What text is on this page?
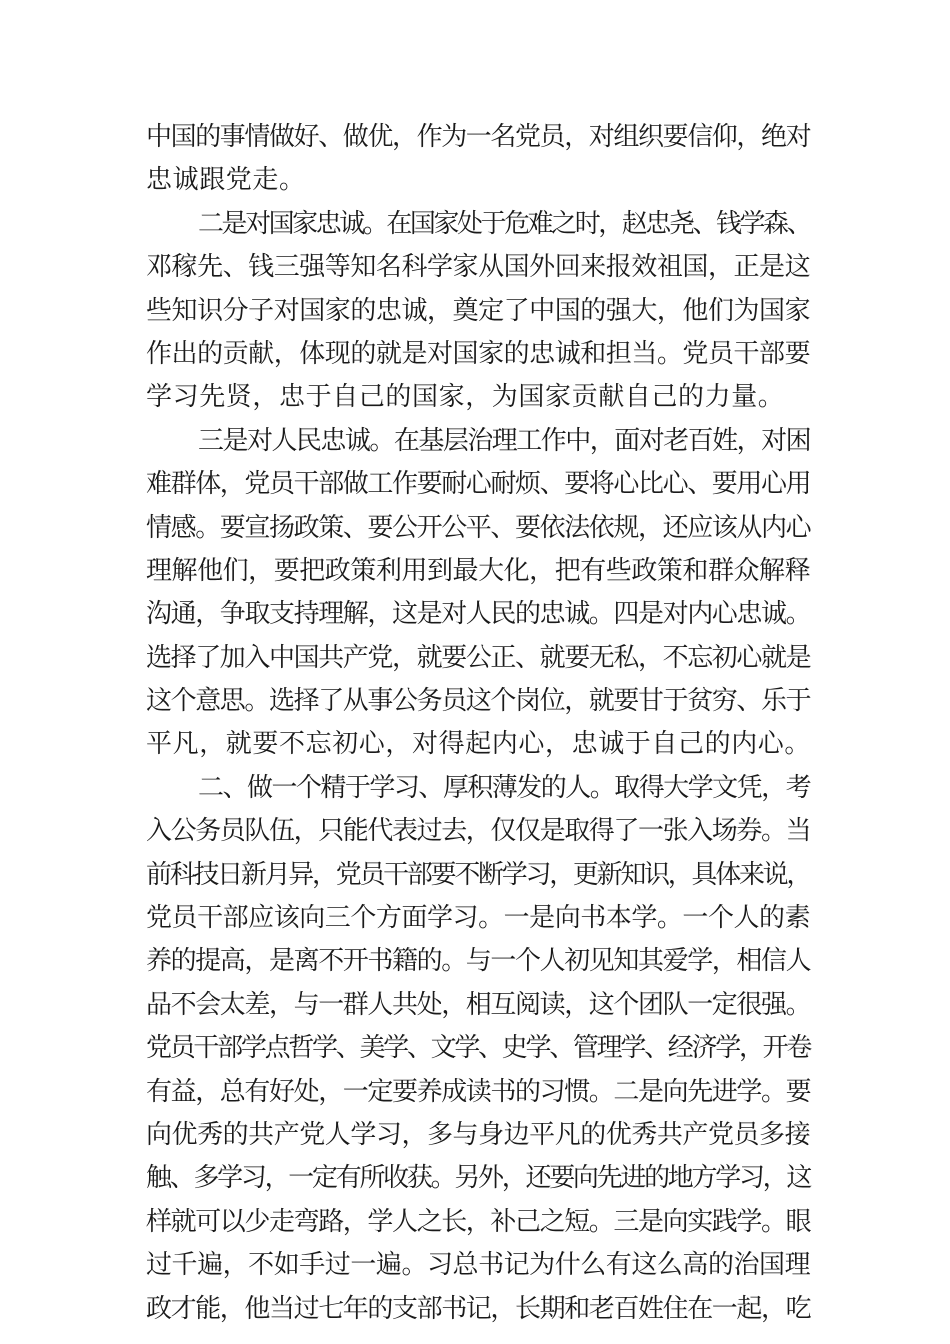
中国的事情做好、做优，作为一名党员，对组织要信仰，绝对
忠诚跟党走。
二是对国家忠诚。在国家处于危难之时，赵忠尧、钱学森、
邓稼先、钱三强等知名科学家从国外回来报效祖国，正是这
些知识分子对国家的忠诚，奠定了中国的强大，他们为国家
作出的贡献，体现的就是对国家的忠诚和担当。党员干部要
学习先贤，忠于自己的国家，为国家贡献自己的力量。
三是对人民忠诚。在基层治理工作中，面对老百姓，对困
难群体，党员干部做工作要耐心耐烦、要将心比心、要用心用
情感。要宣扬政策、要公开公平、要依法依规，还应该从内心
理解他们，要把政策利用到最大化，把有些政策和群众解释
沟通，争取支持理解，这是对人民的忠诚。四是对内心忠诚。
选择了加入中国共产党，就要公正、就要无私，不忘初心就是
这个意思。选择了从事公务员这个岗位，就要甘于贫穷、乐于
平凡，就要不忘初心，对得起内心，忠诚于自己的内心。
二、做一个精于学习、厚积薄发的人。取得大学文凭，考
入公务员队伍，只能代表过去，仅仅是取得了一张入场券。当
前科技日新月异，党员干部要不断学习，更新知识，具体来说，
党员干部应该向三个方面学习。一是向书本学。一个人的素
养的提高，是离不开书籍的。与一个人初见知其爱学，相信人
品不会太差，与一群人共处，相互阅读，这个团队一定很强。
党员干部学点哲学、美学、文学、史学、管理学、经济学，开卷
有益，总有好处，一定要养成读书的习惯。二是向先进学。要
向优秀的共产党人学习，多与身边平凡的优秀共产党员多接
触、多学习，一定有所收获。另外，还要向先进的地方学习，这
样就可以少走弯路，学人之长，补己之短。三是向实践学。眼
过千遍，不如手过一遍。习总书记为什么有这么高的治国理
政才能，他当过七年的支部书记，长期和老百姓住在一起，吃
